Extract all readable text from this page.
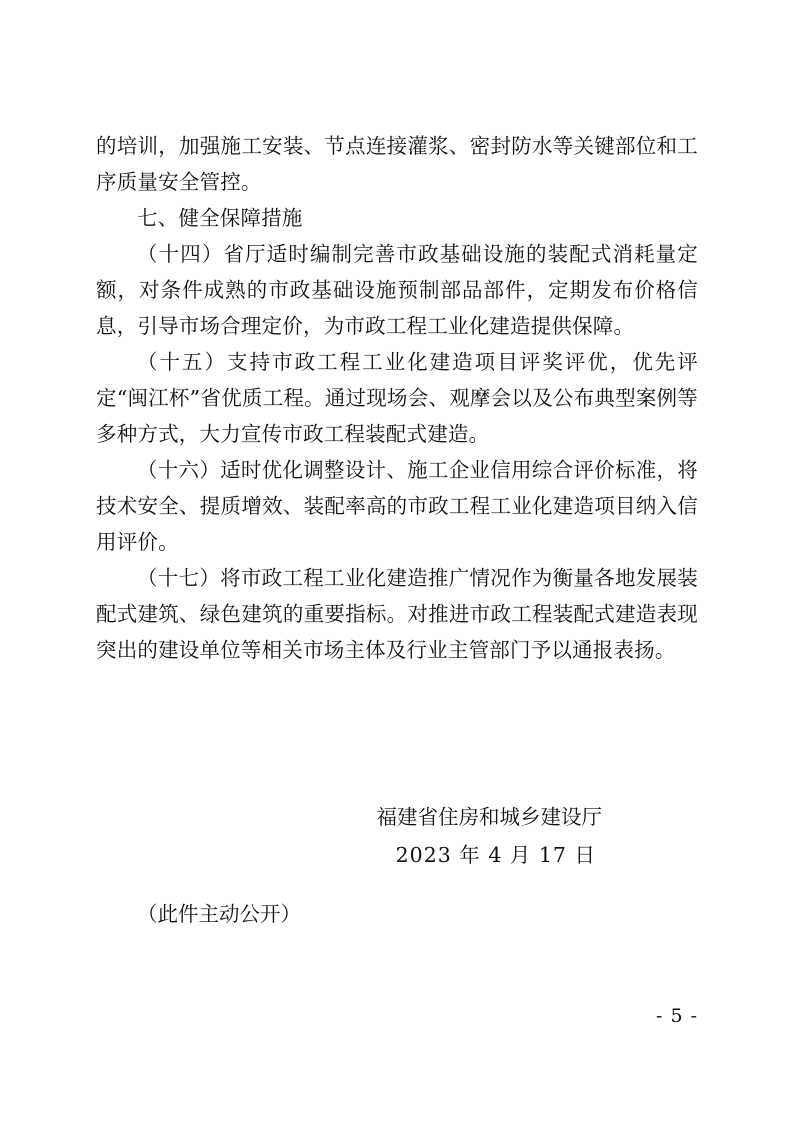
的培训，加强施工安装、节点连接灌浆、密封防水等关键部位和工序质量安全管控。

七、健全保障措施

（十四）省厅适时编制完善市政基础设施的装配式消耗量定额，对条件成熟的市政基础设施预制部品部件，定期发布价格信息，引导市场合理定价，为市政工程工业化建造提供保障。

（十五）支持市政工程工业化建造项目评奖评优，优先评定“闽江杯”省优质工程。通过现场会、观摩会以及公布典型案例等多种方式，大力宣传市政工程装配式建造。

（十六）适时优化调整设计、施工企业信用综合评价标准，将技术安全、提质增效、装配率高的市政工程工业化建造项目纳入信用评价。

（十七）将市政工程工业化建造推广情况作为衡量各地发展装配式建筑、绿色建筑的重要指标。对推进市政工程装配式建造表现突出的建设单位等相关市场主体及行业主管部门予以通报表扬。

福建省住房和城乡建设厅
2023 年 4 月 17 日
（此件主动公开）
- 5 -
